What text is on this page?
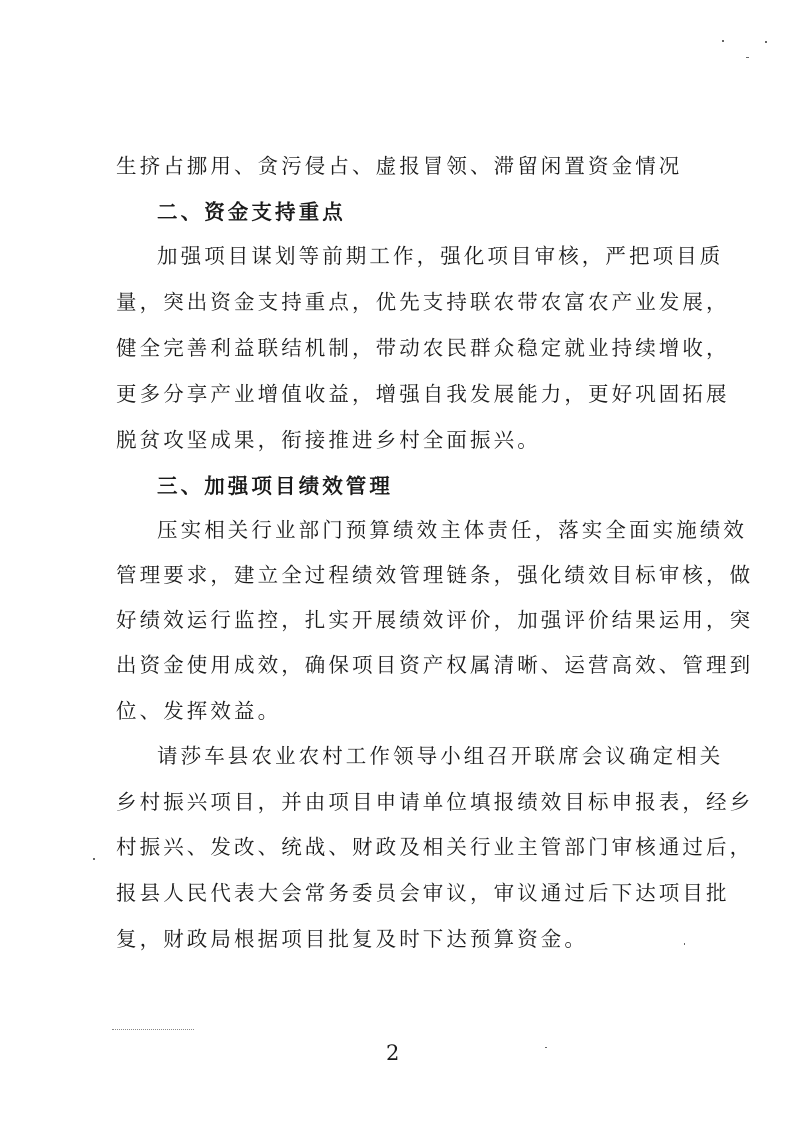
生挤占挪用、贪污侵占、虚报冒领、滞留闲置资金情况
二、资金支持重点
加强项目谋划等前期工作，强化项目审核，严把项目质
量，突出资金支持重点，优先支持联农带农富农产业发展，
健全完善利益联结机制，带动农民群众稳定就业持续增收，
更多分享产业增值收益，增强自我发展能力，更好巩固拓展
脱贫攻坚成果，衔接推进乡村全面振兴。
三、加强项目绩效管理
压实相关行业部门预算绩效主体责任，落实全面实施绩效
管理要求，建立全过程绩效管理链条，强化绩效目标审核，做
好绩效运行监控，扎实开展绩效评价，加强评价结果运用，突
出资金使用成效，确保项目资产权属清晰、运营高效、管理到
位、发挥效益。
请莎车县农业农村工作领导小组召开联席会议确定相关
乡村振兴项目，并由项目申请单位填报绩效目标申报表，经乡
村振兴、发改、统战、财政及相关行业主管部门审核通过后，
报县人民代表大会常务委员会审议，审议通过后下达项目批
复，财政局根据项目批复及时下达预算资金。
2
